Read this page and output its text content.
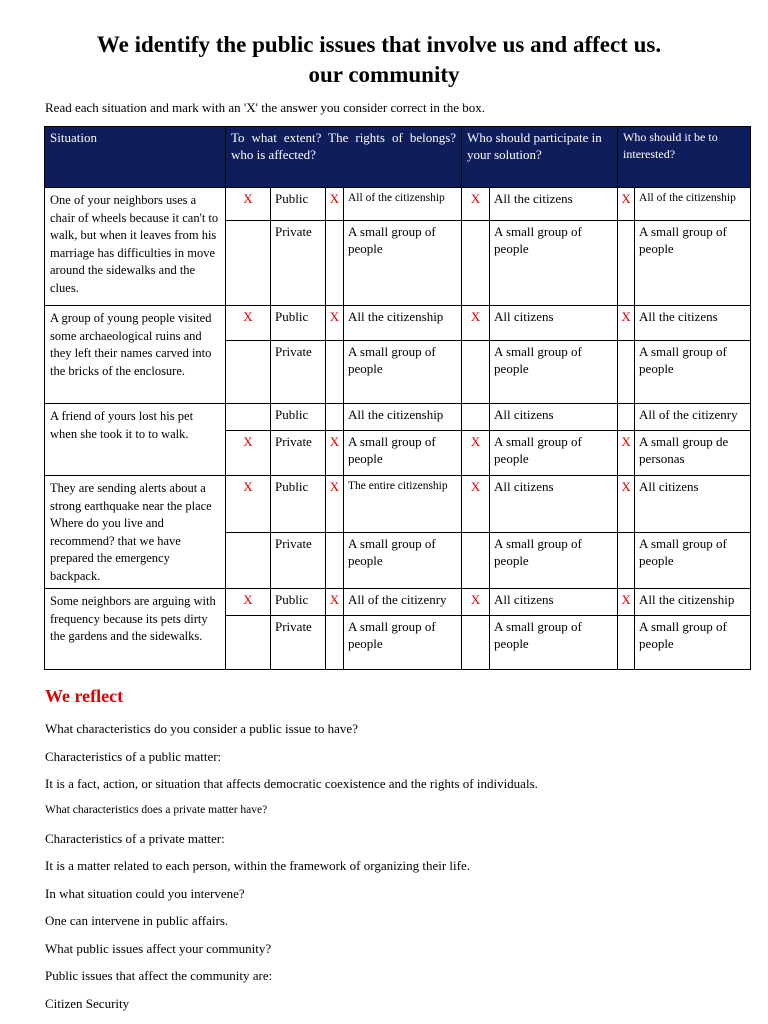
We identify the public issues that involve us and affect us.
our community
Read each situation and mark with an 'X' the answer you consider correct in the box.
Situation	To what extent? The rights of belongs? who is affected?				Who should participate in your solution?		Who should it be to interested?	
One of your neighbors uses a chair of wheels because it can't to walk, but when it leaves from his marriage has difficulties in move around the sidewalks and the clues.	X	Public	X	All of the citizenship	X	All the citizens	X	All of the citizenship
		Private		A small group of people		A small group of people		A small group of people
A group of young people visited some archaeological ruins and they left their names carved into the bricks of the enclosure.	X	Public	X	All the citizenship	X	All citizens	X	All the citizens
		Private		A small group of people		A small group of people		A small group of people
A friend of yours lost his pet when she took it to to walk.		Public		All the citizenship		All citizens		All of the citizenry
	X	Private	X	A small group of people	X	A small group of people	X	A small group de personas
They are sending alerts about a strong earthquake near the place Where do you live and recommend? that we have prepared the emergency backpack.	X	Public	X	The entire citizenship	X	All citizens	X	All citizens
		Private		A small group of people		A small group of people		A small group of people
Some neighbors are arguing with frequency because its pets dirty the gardens and the sidewalks.	X	Public	X	All of the citizenry	X	All citizens	X	All the citizenship
		Private		A small group of people		A small group of people		A small group of people
We reflect
What characteristics do you consider a public issue to have?
Characteristics of a public matter:
It is a fact, action, or situation that affects democratic coexistence and the rights of individuals.
What characteristics does a private matter have?
Characteristics of a private matter:
It is a matter related to each person, within the framework of organizing their life.
In what situation could you intervene?
One can intervene in public affairs.
What public issues affect your community?
Public issues that affect the community are:
Citizen Security
